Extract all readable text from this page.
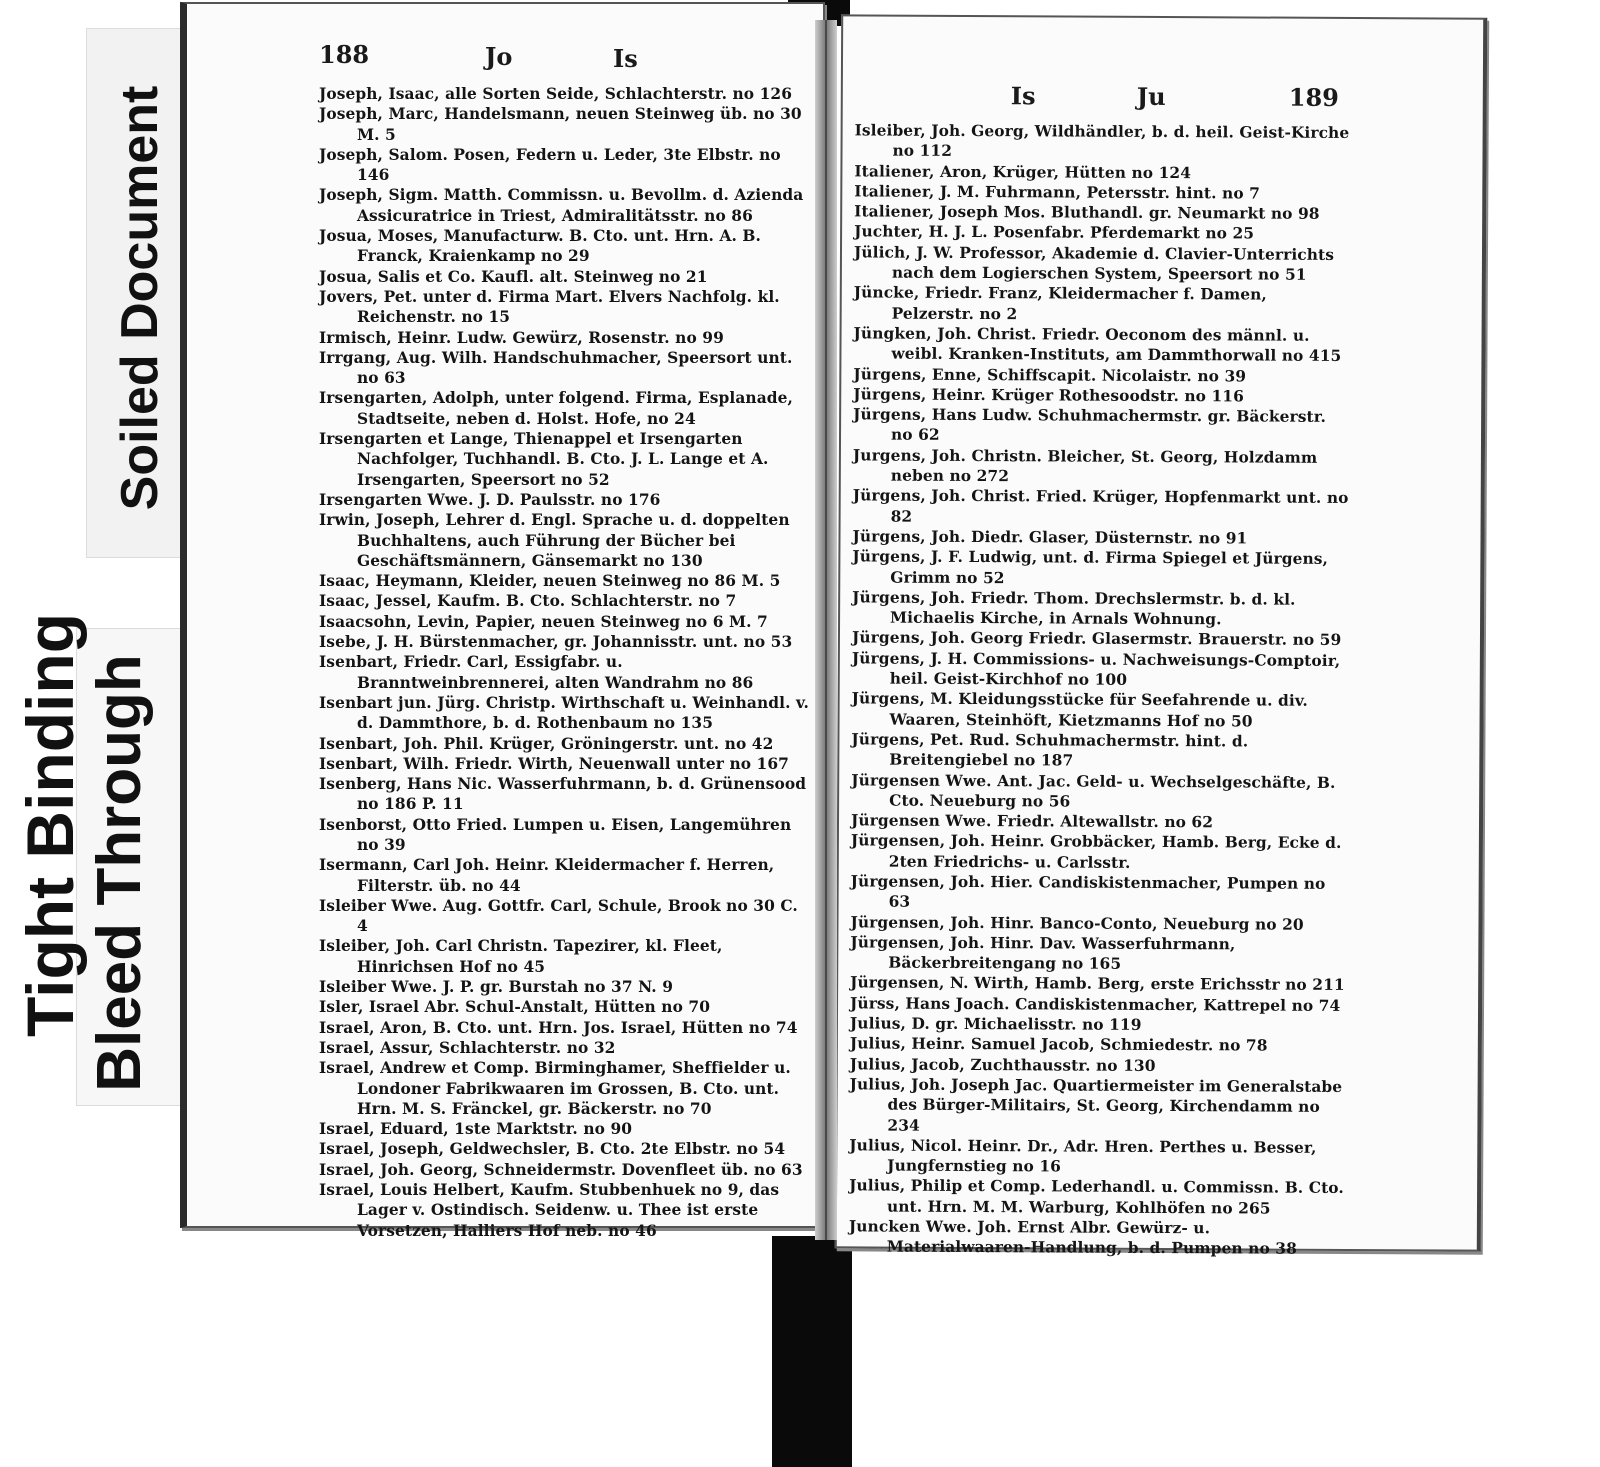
Soiled Document
Tight Binding
Bleed Through
188	Jo	Is
Joseph, Isaac, alle Sorten Seide, Schlachterstr. no 126
Joseph, Marc, Handelsmann, neuen Steinweg üb. no 30 M. 5
Joseph, Salom. Posen, Federn u. Leder, 3te Elbstr. no 146
Joseph, Sigm. Matth. Commissn. u. Bevollm. d. Azienda Assicuratrice in Triest, Admiralitätsstr. no 86
Josua, Moses, Manufacturw. B. Cto. unt. Hrn. A. B. Franck, Kraienkamp no 29
Josua, Salis et Co. Kaufl. alt. Steinweg no 21
Jovers, Pet. unter d. Firma Mart. Elvers Nachfolg. kl. Reichenstr. no 15
Irmisch, Heinr. Ludw. Gewürz, Rosenstr. no 99
Irrgang, Aug. Wilh. Handschuhmacher, Speersort unt. no 63
Irsengarten, Adolph, unter folgend. Firma, Esplanade, Stadtseite, neben d. Holst. Hofe, no 24
Irsengarten et Lange, Thienappel et Irsengarten Nachfolger, Tuchhandl. B. Cto. J. L. Lange et A. Irsengarten, Speersort no 52
Irsengarten Wwe. J. D. Paulsstr. no 176
Irwin, Joseph, Lehrer d. Engl. Sprache u. d. doppelten Buchhaltens, auch Führung der Bücher bei Geschäftsmännern, Gänsemarkt no 130
Isaac, Heymann, Kleider, neuen Steinweg no 86 M. 5
Isaac, Jessel, Kaufm. B. Cto. Schlachterstr. no 7
Isaacsohn, Levin, Papier, neuen Steinweg no 6 M. 7
Isebe, J. H. Bürstenmacher, gr. Johannisstr. unt. no 53
Isenbart, Friedr. Carl, Essigfabr. u. Branntweinbrennerei, alten Wandrahm no 86
Isenbart jun. Jürg. Christp. Wirthschaft u. Weinhandl. v. d. Dammthore, b. d. Rothenbaum no 135
Isenbart, Joh. Phil. Krüger, Gröningerstr. unt. no 42
Isenbart, Wilh. Friedr. Wirth, Neuenwall unter no 167
Isenberg, Hans Nic. Wasserfuhrmann, b. d. Grünensood no 186 P. 11
Isenborst, Otto Fried. Lumpen u. Eisen, Langemühren no 39
Isermann, Carl Joh. Heinr. Kleidermacher f. Herren, Filterstr. üb. no 44
Isleiber Wwe. Aug. Gottfr. Carl, Schule, Brook no 30 C. 4
Isleiber, Joh. Carl Christn. Tapezirer, kl. Fleet, Hinrichsen Hof no 45
Isleiber Wwe. J. P. gr. Burstah no 37 N. 9
Isler, Israel Abr. Schul-Anstalt, Hütten no 70
Israel, Aron, B. Cto. unt. Hrn. Jos. Israel, Hütten no 74
Israel, Assur, Schlachterstr. no 32
Israel, Andrew et Comp. Birminghamer, Sheffielder u. Londoner Fabrikwaaren im Grossen, B. Cto. unt. Hrn. M. S. Fränckel, gr. Bäckerstr. no 70
Israel, Eduard, 1ste Marktstr. no 90
Israel, Joseph, Geldwechsler, B. Cto. 2te Elbstr. no 54
Israel, Joh. Georg, Schneidermstr. Dovenfleet üb. no 63
Israel, Louis Helbert, Kaufm. Stubbenhuek no 9, das Lager v. Ostindisch. Seidenw. u. Thee ist erste Vorsetzen, Halliers Hof neb. no 46
Is	Ju	189
Isleiber, Joh. Georg, Wildhändler, b. d. heil. Geist-Kirche no 112
Italiener, Aron, Krüger, Hütten no 124
Italiener, J. M. Fuhrmann, Petersstr. hint. no 7
Italiener, Joseph Mos. Bluthandl. gr. Neumarkt no 98
Juchter, H. J. L. Posenfabr. Pferdemarkt no 25
Jülich, J. W. Professor, Akademie d. Clavier-Unterrichts nach dem Logierschen System, Speersort no 51
Jüncke, Friedr. Franz, Kleidermacher f. Damen, Pelzerstr. no 2
Jüngken, Joh. Christ. Friedr. Oeconom des männl. u. weibl. Kranken-Instituts, am Dammthorwall no 415
Jürgens, Enne, Schiffscapit. Nicolaistr. no 39
Jürgens, Heinr. Krüger Rothesoodstr. no 116
Jürgens, Hans Ludw. Schuhmachermstr. gr. Bäckerstr. no 62
Jurgens, Joh. Christn. Bleicher, St. Georg, Holzdamm neben no 272
Jürgens, Joh. Christ. Fried. Krüger, Hopfenmarkt unt. no 82
Jürgens, Joh. Diedr. Glaser, Düsternstr. no 91
Jürgens, J. F. Ludwig, unt. d. Firma Spiegel et Jürgens, Grimm no 52
Jürgens, Joh. Friedr. Thom. Drechslermstr. b. d. kl. Michaelis Kirche, in Arnals Wohnung.
Jürgens, Joh. Georg Friedr. Glasermstr. Brauerstr. no 59
Jürgens, J. H. Commissions- u. Nachweisungs-Comptoir, heil. Geist-Kirchhof no 100
Jürgens, M. Kleidungsstücke für Seefahrende u. div. Waaren, Steinhöft, Kietzmanns Hof no 50
Jürgens, Pet. Rud. Schuhmachermstr. hint. d. Breitengiebel no 187
Jürgensen Wwe. Ant. Jac. Geld- u. Wechselgeschäfte, B. Cto. Neueburg no 56
Jürgensen Wwe. Friedr. Altewallstr. no 62
Jürgensen, Joh. Heinr. Grobbäcker, Hamb. Berg, Ecke d. 2ten Friedrichs- u. Carlsstr.
Jürgensen, Joh. Hier. Candiskistenmacher, Pumpen no 63
Jürgensen, Joh. Hinr. Banco-Conto, Neueburg no 20
Jürgensen, Joh. Hinr. Dav. Wasserfuhrmann, Bäckerbreitengang no 165
Jürgensen, N. Wirth, Hamb. Berg, erste Erichsstr no 211
Jürss, Hans Joach. Candiskistenmacher, Kattrepel no 74
Julius, D. gr. Michaelisstr. no 119
Julius, Heinr. Samuel Jacob, Schmiedestr. no 78
Julius, Jacob, Zuchthausstr. no 130
Julius, Joh. Joseph Jac. Quartiermeister im Generalstabe des Bürger-Militairs, St. Georg, Kirchendamm no 234
Julius, Nicol. Heinr. Dr., Adr. Hren. Perthes u. Besser, Jungfernstieg no 16
Julius, Philip et Comp. Lederhandl. u. Commissn. B. Cto. unt. Hrn. M. M. Warburg, Kohlhöfen no 265
Juncken Wwe. Joh. Ernst Albr. Gewürz- u. Materialwaaren-Handlung, b. d. Pumpen no 38
